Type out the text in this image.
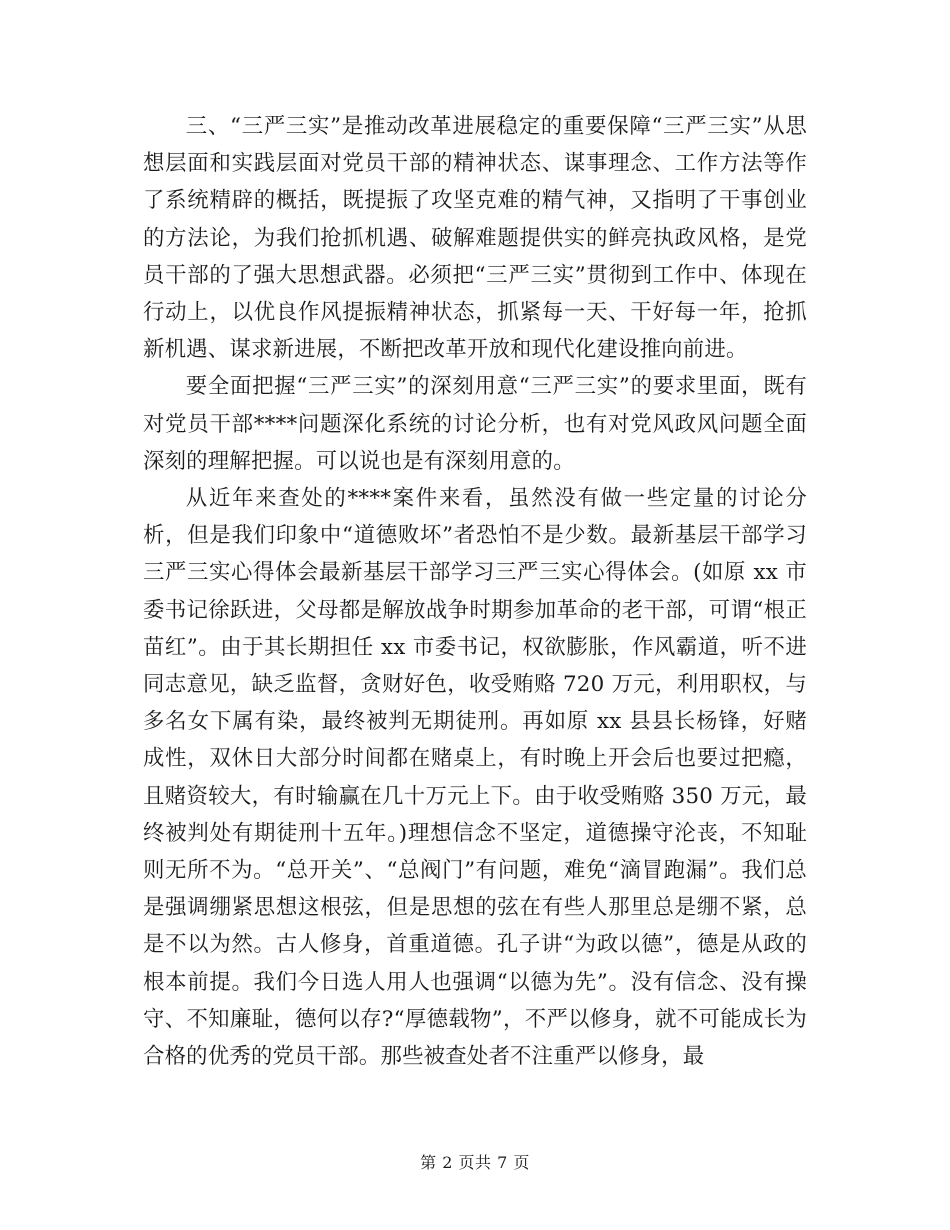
三、“三严三实”是推动改革进展稳定的重要保障“三严三实”从思想层面和实践层面对党员干部的精神状态、谋事理念、工作方法等作了系统精辟的概括，既提振了攻坚克难的精气神，又指明了干事创业的方法论，为我们抢抓机遇、破解难题提供实的鲜亮执政风格，是党员干部的了强大思想武器。必须把“三严三实”贯彻到工作中、体现在行动上，以优良作风提振精神状态，抓紧每一天、干好每一年，抢抓新机遇、谋求新进展，不断把改革开放和现代化建设推向前进。

要全面把握“三严三实”的深刻用意“三严三实”的要求里面，既有对党员干部****问题深化系统的讨论分析，也有对党风政风问题全面深刻的理解把握。可以说也是有深刻用意的。

从近年来查处的****案件来看，虽然没有做一些定量的讨论分析，但是我们印象中“道德败坏”者恐怕不是少数。最新基层干部学习三严三实心得体会最新基层干部学习三严三实心得体会。(如原 xx 市委书记徐跃进，父母都是解放战争时期参加革命的老干部，可谓“根正苗红”。由于其长期担任 xx 市委书记，权欲膨胀，作风霸道，听不进同志意见，缺乏监督，贪财好色，收受贿赂 720 万元，利用职权，与多名女下属有染，最终被判无期徒刑。再如原 xx 县县长杨锋，好赌成性，双休日大部分时间都在赌桌上，有时晚上开会后也要过把瘾，且赌资较大，有时输赢在几十万元上下。由于收受贿赂 350 万元，最终被判处有期徒刑十五年。)理想信念不坚定，道德操守沦丧，不知耻则无所不为。“总开关”、“总阀门”有问题，难免“滴冒跑漏”。我们总是强调绷紧思想这根弦，但是思想的弦在有些人那里总是绷不紧，总是不以为然。古人修身，首重道德。孔子讲“为政以德”，德是从政的根本前提。我们今日选人用人也强调“以德为先”。没有信念、没有操守、不知廉耻，德何以存?“厚德载物”，不严以修身，就不可能成长为合格的优秀的党员干部。那些被查处者不注重严以修身，最

第 2 页共 7 页
